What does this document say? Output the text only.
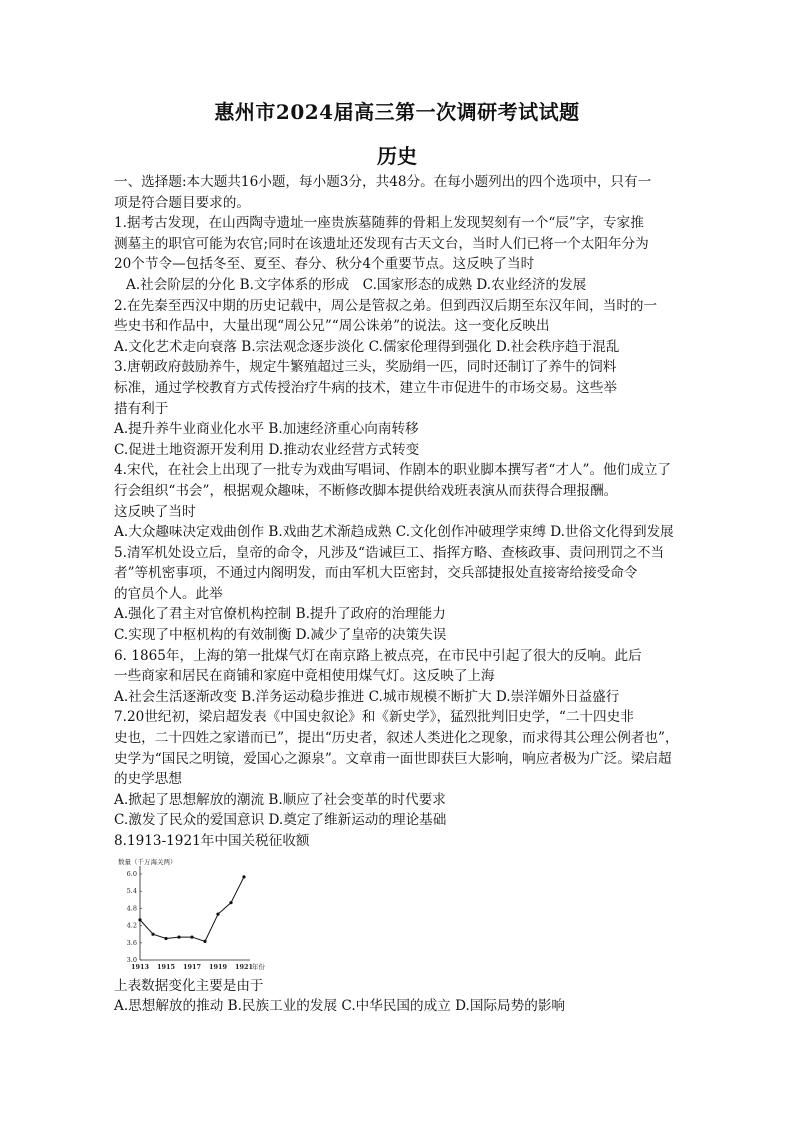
惠州市2024届高三第一次调研考试试题
历史
一、选择题:本大题共16小题，每小题3分，共48分。在每小题列出的四个选项中，只有一
项是符合题目要求的。
1.据考古发现，在山西陶寺遗址一座贵族墓随葬的骨耜上发现契刻有一个“辰”字，专家推
测墓主的职官可能为农官;同时在该遗址还发现有古天文台，当时人们已将一个太阳年分为
20个节令—包括冬至、夏至、春分、秋分4个重要节点。这反映了当时
A.社会阶层的分化 B.文字体系的形成　C.国家形态的成熟 D.农业经济的发展
2.在先秦至西汉中期的历史记载中，周公是管叔之弟。但到西汉后期至东汉年间，当时的一
些史书和作品中，大量出现“周公兄”“周公诛弟”的说法。这一变化反映出
A.文化艺术走向衰落 B.宗法观念逐步淡化 C.儒家伦理得到强化 D.社会秩序趋于混乱
3.唐朝政府鼓励养牛，规定牛繁殖超过三头，奖励绢一匹，同时还制订了养牛的饲料
标准，通过学校教育方式传授治疗牛病的技术，建立牛市促进牛的市场交易。这些举
措有利于
A.提升养牛业商业化水平 B.加速经济重心向南转移
C.促进土地资源开发利用 D.推动农业经营方式转变
4.宋代，在社会上出现了一批专为戏曲写唱词、作剧本的职业脚本撰写者“才人”。他们成立了
行会组织“书会”，根据观众趣味，不断修改脚本提供给戏班表演从而获得合理报酬。
这反映了当时
A.大众趣味决定戏曲创作 B.戏曲艺术渐趋成熟 C.文化创作冲破理学束缚 D.世俗文化得到发展
5.清军机处设立后，皇帝的命令，凡涉及“诰诫巨工、指挥方略、查核政事、责问刑罚之不当
者”等机密事项，不通过内阁明发，而由军机大臣密封，交兵部捷报处直接寄给接受命令
的官员个人。此举
A.强化了君主对官僚机构控制 B.提升了政府的治理能力
C.实现了中枢机构的有效制衡 D.减少了皇帝的决策失误
6. 1865年，上海的第一批煤气灯在南京路上被点亮，在市民中引起了很大的反响。此后
一些商家和居民在商铺和家庭中竟相使用煤气灯。这反映了上海
A.社会生活逐渐改变 B.洋务运动稳步推进 C.城市规模不断扩大 D.崇洋媚外日益盛行
7.20世纪初，梁启超发表《中国史叙论》和《新史学》，猛烈批判旧史学，“二十四史非
史也，二十四姓之家谱而已”，提出“历史者，叙述人类进化之现象，而求得其公理公例者也”，
史学为“国民之明镜，爱国心之源泉”。文章甫一面世即获巨大影响，响应者极为广泛。梁启超
的史学思想
A.掀起了思想解放的潮流 B.顺应了社会变革的时代要求
C.激发了民众的爱国意识 D.奠定了维新运动的理论基础
8.1913-1921年中国关税征收额
数量（千万海关两）
3.0
3.6
4.2
4.8
5.4
6.0
1913 1915 1917 1919 1921
年份
上表数据变化主要是由于
A.思想解放的推动 B.民族工业的发展 C.中华民国的成立 D.国际局势的影响
